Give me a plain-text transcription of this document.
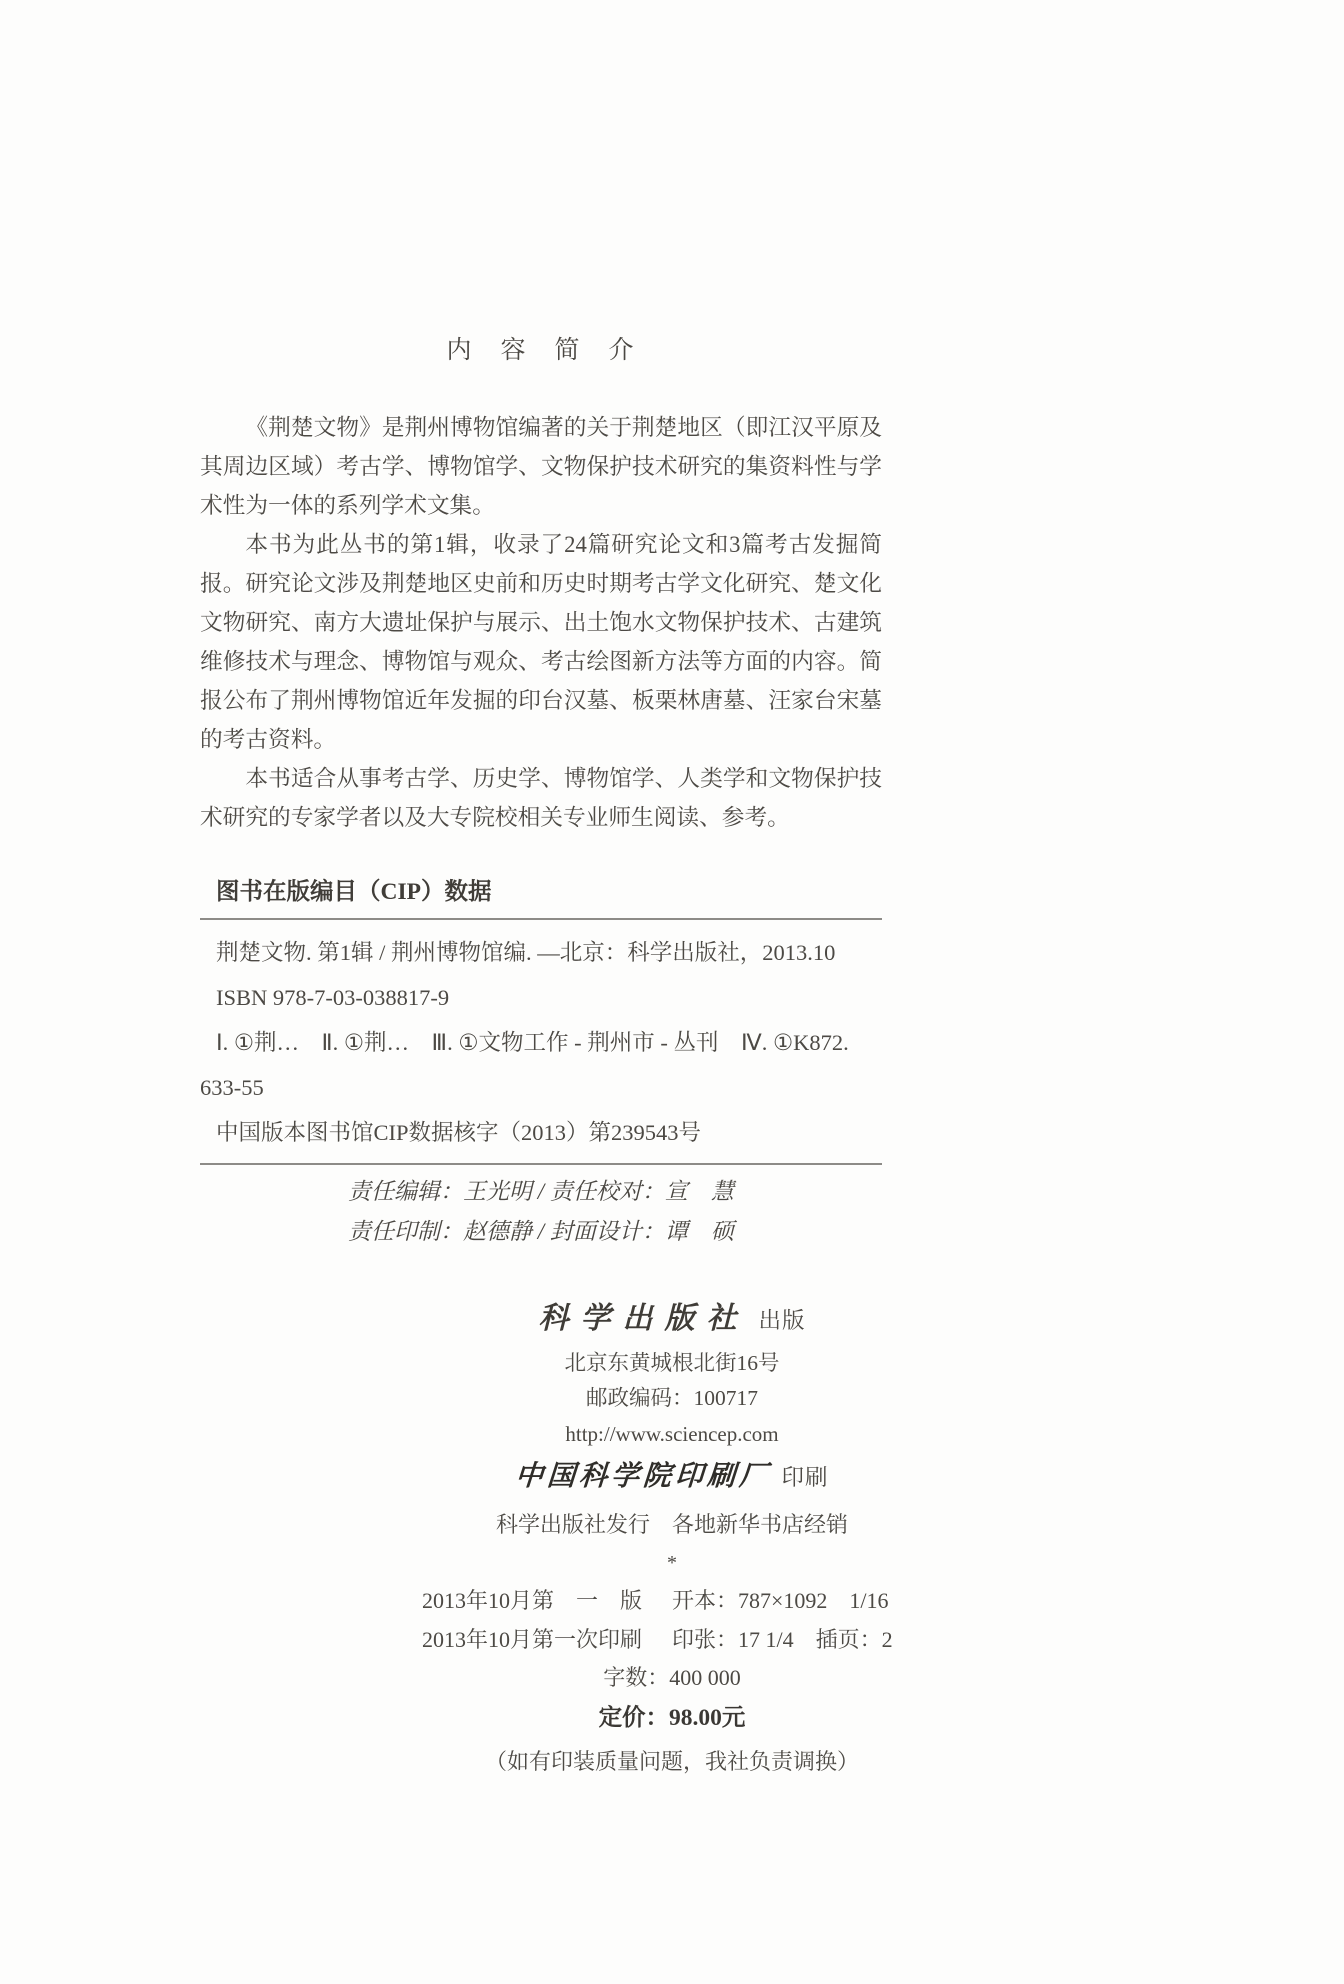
内　容　简　介

《荆楚文物》是荆州博物馆编著的关于荆楚地区（即江汉平原及其周边区域）考古学、博物馆学、文物保护技术研究的集资料性与学术性为一体的系列学术文集。

本书为此丛书的第1辑，收录了24篇研究论文和3篇考古发掘简报。研究论文涉及荆楚地区史前和历史时期考古学文化研究、楚文化文物研究、南方大遗址保护与展示、出土饱水文物保护技术、古建筑维修技术与理念、博物馆与观众、考古绘图新方法等方面的内容。简报公布了荆州博物馆近年发掘的印台汉墓、板栗林唐墓、汪家台宋墓的考古资料。

本书适合从事考古学、历史学、博物馆学、人类学和文物保护技术研究的专家学者以及大专院校相关专业师生阅读、参考。

图书在版编目（CIP）数据
荆楚文物. 第1辑 / 荆州博物馆编. —北京：科学出版社，2013.10
ISBN 978-7-03-038817-9
Ⅰ. ①荆…　Ⅱ. ①荆…　Ⅲ. ①文物工作 - 荆州市 - 丛刊　Ⅳ. ①K872.
633-55
中国版本图书馆CIP数据核字（2013）第239543号
责任编辑：王光明 / 责任校对：宣　慧
责任印制：赵德静 / 封面设计：谭　硕
科学出版社 出版
北京东黄城根北街16号
邮政编码：100717
http://www.sciencep.com
中国科学院印刷厂 印刷
科学出版社发行　各地新华书店经销
*
2013年10月第　一　版	开本：787×1092　1/16
2013年10月第一次印刷	印张：17 1/4　插页：2
字数：400 000
定价：98.00元
（如有印装质量问题，我社负责调换）
